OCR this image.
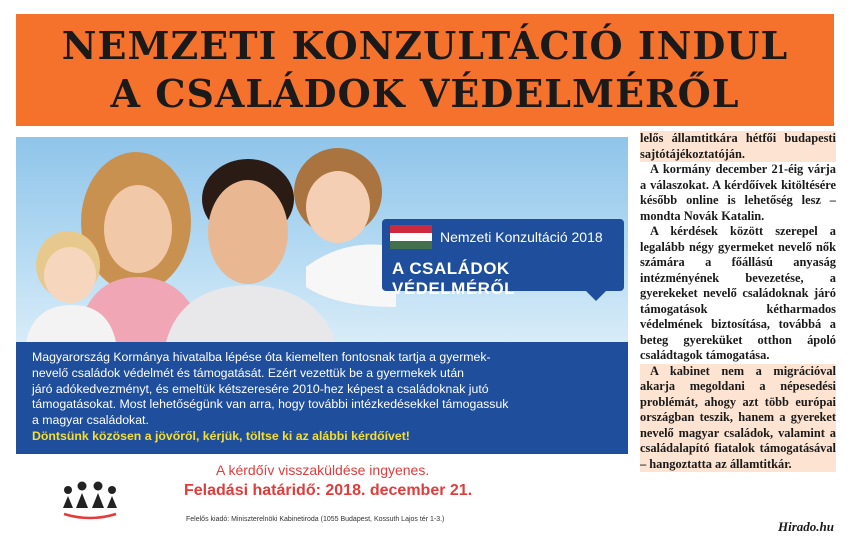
NEMZETI KONZULTÁCIÓ INDUL
A CSALÁDOK VÉDELMÉRŐL
Nemzeti Konzultáció 2018
A CSALÁDOK VÉDELMÉRŐL
Magyarország Kormánya hivatalba lépése óta kiemelten fontosnak tartja a gyermek-
nevelő családok védelmét és támogatását. Ezért vezettük be a gyermekek után
járó adókedvezményt, és emeltük kétszeresére 2010-hez képest a családoknak jutó
támogatásokat. Most lehetőségünk van arra, hogy további intézkedésekkel támogassuk
a magyar családokat.
Döntsünk közösen a jövőről, kérjük, töltse ki az alábbi kérdőívet!
A kérdőív visszaküldése ingyenes.
Feladási határidő: 2018. december 21.
Felelős kiadó: Miniszterelnöki Kabinetiroda (1055 Budapest, Kossuth Lajos tér 1-3.)

lelős államtitkára hétfői budapesti sajtótájékoztatóján.

A kormány december 21-éig várja a válaszokat. A kérdőívek kitöltésére később online is lehetőség lesz – mondta Novák Katalin.

A kérdések között szerepel a legalább négy gyermeket nevelő nők számára a főállású anyaság intézményének bevezetése, a gyerekeket nevelő családoknak járó támogatások kétharmados védelmének biztosítása, továbbá a beteg gyereküket otthon ápoló családtagok támogatása.

A kabinet nem a migrációval akarja megoldani a népesedési problémát, ahogy azt több európai országban teszik, hanem a gyereket nevelő magyar családok, valamint a családalapító fiatalok támogatásával – hangoztatta az államtitkár.

Hirado.hu
